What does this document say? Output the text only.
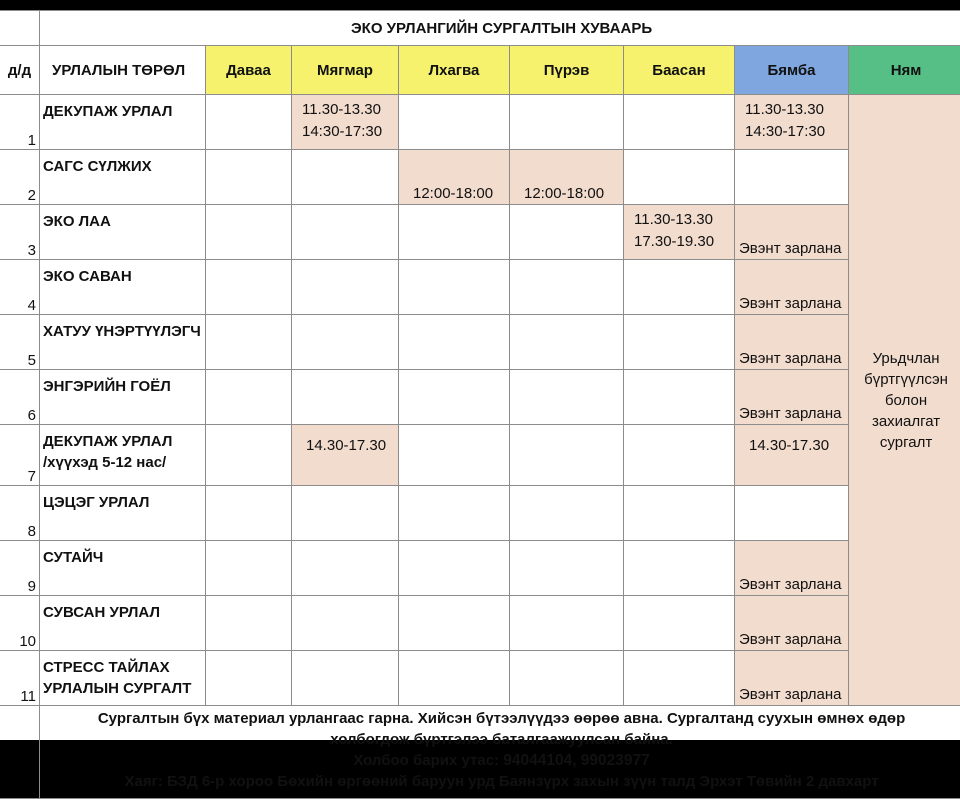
	ЭКО УРЛАНГИЙН СУРГАЛТЫН ХУВААРЬ							
д/д	УРЛАЛЫН ТӨРӨЛ	Даваа	Мягмар	Лхагва	Пүрэв	Баасан	Бямба	Ням
1	ДЕКУПАЖ УРЛАЛ		11.30-13.30
14:30-17:30				11.30-13.30
14:30-17:30	Урьдчлан бүртгүүлсэн болон захиалгат сургалт
2	САГС СҮЛЖИХ			12:00-18:00	12:00-18:00			
3	ЭКО ЛАА					11.30-13.30
17.30-19.30	Эвэнт зарлана	
4	ЭКО САВАН						Эвэнт зарлана	
5	ХАТУУ ҮНЭРТҮҮЛЭГЧ						Эвэнт зарлана	
6	ЭНГЭРИЙН ГОЁЛ						Эвэнт зарлана	
7	ДЕКУПАЖ УРЛАЛ
/хүүхэд 5-12 нас/		14.30-17.30				14.30-17.30	
8	ЦЭЦЭГ УРЛАЛ							

9	СУТАЙЧ						Эвэнт зарлана	
10	СУВСАН УРЛАЛ						Эвэнт зарлана	
11	СТРЕСС ТАЙЛАХ
УРЛАЛЫН СУРГАЛТ						Эвэнт зарлана	

	Сургалтын бүх материал урлангаас гарна. Хийсэн бүтээлүүдээ өөрөө авна. Сургалтанд суухын өмнөх өдөр холбогдож бүртгэлээ баталгаажуулсан байна.
Холбоо барих утас: 94044104, 99023977
Хаяг: БЗД 6-р хороо Бөхийн өргөөний баруун урд Баянзүрх захын зүүн талд Эрхэт Төвийн 2 давхарт							
